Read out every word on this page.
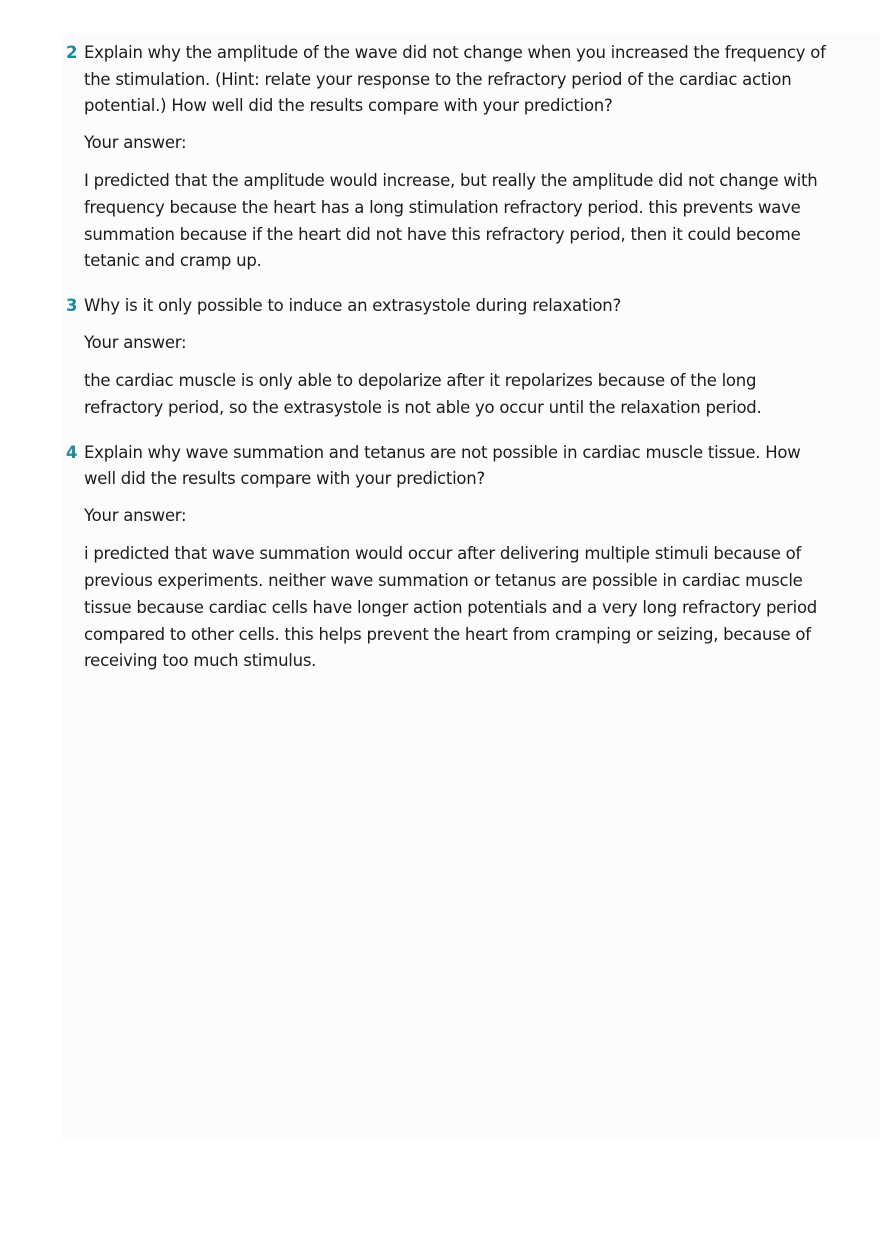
2 Explain why the amplitude of the wave did not change when you increased the frequency of the stimulation. (Hint: relate your response to the refractory period of the cardiac action potential.) How well did the results compare with your prediction?

Your answer:

I predicted that the amplitude would increase, but really the amplitude did not change with frequency because the heart has a long stimulation refractory period. this prevents wave summation because if the heart did not have this refractory period, then it could become tetanic and cramp up.

3 Why is it only possible to induce an extrasystole during relaxation?

Your answer:

the cardiac muscle is only able to depolarize after it repolarizes because of the long refractory period, so the extrasystole is not able yo occur until the relaxation period.

4 Explain why wave summation and tetanus are not possible in cardiac muscle tissue. How well did the results compare with your prediction?

Your answer:

i predicted that wave summation would occur after delivering multiple stimuli because of previous experiments. neither wave summation or tetanus are possible in cardiac muscle tissue because cardiac cells have longer action potentials and a very long refractory period compared to other cells. this helps prevent the heart from cramping or seizing, because of receiving too much stimulus.
